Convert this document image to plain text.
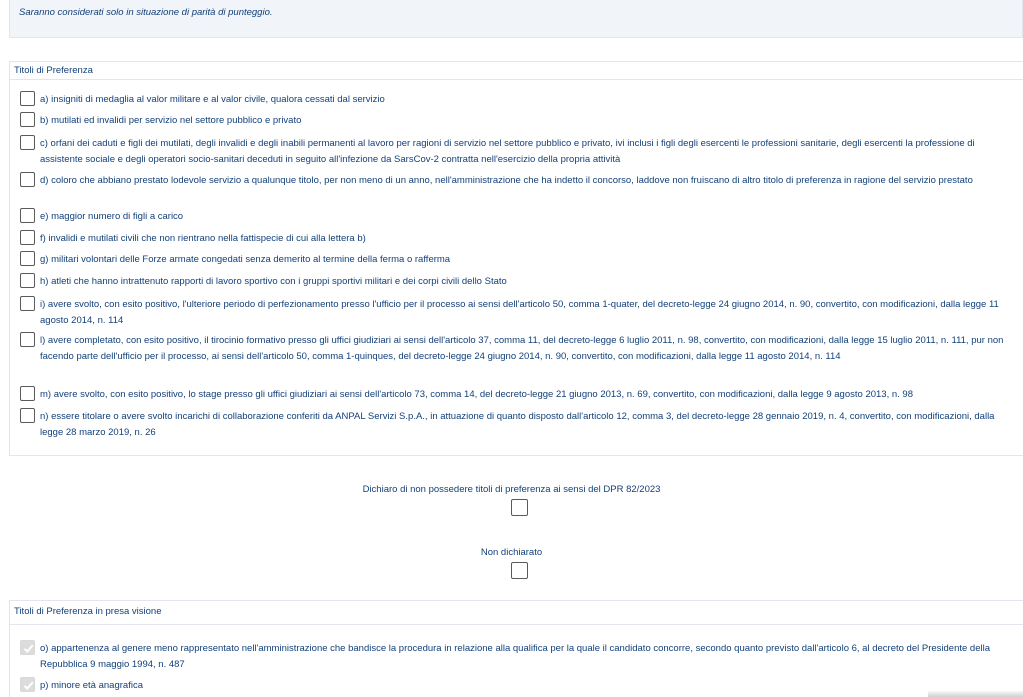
Saranno considerati solo in situazione di parità di punteggio.
Titoli di Preferenza
a) insigniti di medaglia al valor militare e al valor civile, qualora cessati dal servizio
b) mutilati ed invalidi per servizio nel settore pubblico e privato
c) orfani dei caduti e figli dei mutilati, degli invalidi e degli inabili permanenti al lavoro per ragioni di servizio nel settore pubblico e privato, ivi inclusi i figli degli esercenti le professioni sanitarie, degli esercenti la professione di assistente sociale e degli operatori socio-sanitari deceduti in seguito all'infezione da SarsCov-2 contratta nell'esercizio della propria attività
d) coloro che abbiano prestato lodevole servizio a qualunque titolo, per non meno di un anno, nell'amministrazione che ha indetto il concorso, laddove non fruiscano di altro titolo di preferenza in ragione del servizio prestato
e) maggior numero di figli a carico
f) invalidi e mutilati civili che non rientrano nella fattispecie di cui alla lettera b)
g) militari volontari delle Forze armate congedati senza demerito al termine della ferma o rafferma
h) atleti che hanno intrattenuto rapporti di lavoro sportivo con i gruppi sportivi militari e dei corpi civili dello Stato
i) avere svolto, con esito positivo, l'ulteriore periodo di perfezionamento presso l'ufficio per il processo ai sensi dell'articolo 50, comma 1-quater, del decreto-legge 24 giugno 2014, n. 90, convertito, con modificazioni, dalla legge 11 agosto 2014, n. 114
l) avere completato, con esito positivo, il tirocinio formativo presso gli uffici giudiziari ai sensi dell'articolo 37, comma 11, del decreto-legge 6 luglio 2011, n. 98, convertito, con modificazioni, dalla legge 15 luglio 2011, n. 111, pur non facendo parte dell'ufficio per il processo, ai sensi dell'articolo 50, comma 1-quinques, del decreto-legge 24 giugno 2014, n. 90, convertito, con modificazioni, dalla legge 11 agosto 2014, n. 114
m) avere svolto, con esito positivo, lo stage presso gli uffici giudiziari ai sensi dell'articolo 73, comma 14, del decreto-legge 21 giugno 2013, n. 69, convertito, con modificazioni, dalla legge 9 agosto 2013, n. 98
n) essere titolare o avere svolto incarichi di collaborazione conferiti da ANPAL Servizi S.p.A., in attuazione di quanto disposto dall'articolo 12, comma 3, del decreto-legge 28 gennaio 2019, n. 4, convertito, con modificazioni, dalla legge 28 marzo 2019, n. 26
Dichiaro di non possedere titoli di preferenza ai sensi del DPR 82/2023
Non dichiarato
Titoli di Preferenza in presa visione
o) appartenenza al genere meno rappresentato nell'amministrazione che bandisce la procedura in relazione alla qualifica per la quale il candidato concorre, secondo quanto previsto dall'articolo 6, al decreto del Presidente della Repubblica 9 maggio 1994, n. 487
p) minore età anagrafica
